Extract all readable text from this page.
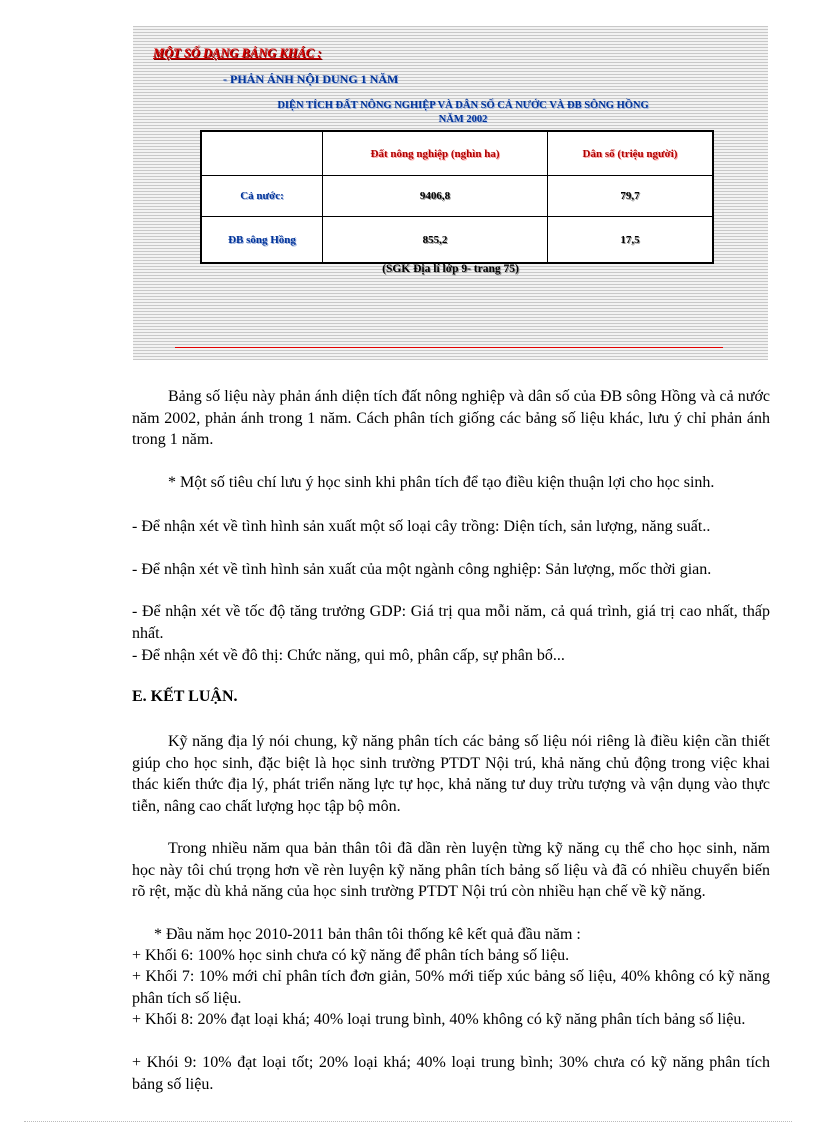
MỘT SỐ DẠNG BẢNG KHÁC :

- PHẢN ÁNH NỘI DUNG 1 NĂM
DIỆN TÍCH ĐẤT NÔNG NGHIỆP VÀ DÂN SỐ CẢ NƯỚC VÀ ĐB SÔNG HỒNG
NĂM 2002
	Đất nông nghiệp (nghìn ha)	Dân số (triệu người)
Cả nước:	9406,8	79,7
ĐB sông Hồng	855,2	17,5
(SGK Địa lí lớp 9- trang 75)

Bảng số liệu này phản ánh diện tích đất nông nghiệp và dân số của ĐB sông Hồng và cả nước năm 2002, phản ánh trong 1 năm. Cách phân tích giống các bảng số liệu khác, lưu ý chỉ phản ánh trong 1 năm.

* Một số tiêu chí lưu ý học sinh khi phân tích để tạo điều kiện thuận lợi cho học sinh.

- Để nhận xét về tình hình sản xuất một số loại cây trồng: Diện tích, sản lượng, năng suất..

- Để nhận xét về tình hình sản xuất của một ngành công nghiệp: Sản lượng, mốc thời gian.

- Để nhận xét về tốc độ tăng trưởng GDP: Giá trị qua mỗi năm, cả quá trình, giá trị cao nhất, thấp nhất.

- Để nhận xét về đô thị: Chức năng, qui mô, phân cấp, sự phân bố...

E. KẾT LUẬN.

Kỹ năng địa lý nói chung, kỹ năng phân tích các bảng số liệu nói riêng là điều kiện cần thiết giúp cho học sinh, đặc biệt là học sinh trường PTDT Nội trú, khả năng chủ động trong việc khai thác kiến thức địa lý, phát triển năng lực tự học, khả năng tư duy trừu tượng và vận dụng vào thực tiễn, nâng cao chất lượng học tập bộ môn.

Trong nhiều năm qua bản thân tôi đã dần rèn luyện từng kỹ năng cụ thể cho học sinh, năm học này tôi chú trọng hơn về rèn luyện kỹ năng phân tích bảng số liệu và đã có nhiều chuyển biến rõ rệt, mặc dù khả năng của học sinh trường PTDT Nội trú còn nhiều hạn chế về kỹ năng.

* Đầu năm học 2010-2011 bản thân tôi thống kê kết quả đầu năm :

+ Khối 6: 100% học sinh chưa có kỹ năng để phân tích bảng số liệu.

+ Khối 7: 10% mới chỉ phân tích đơn giản, 50% mới tiếp xúc bảng số liệu, 40% không có kỹ năng phân tích số liệu.

+ Khối 8: 20% đạt loại khá; 40% loại trung bình, 40% không có kỹ năng phân tích bảng số liệu.

+ Khói 9: 10% đạt loại tốt; 20% loại khá; 40% loại trung bình; 30% chưa có kỹ năng phân tích bảng số liệu.
